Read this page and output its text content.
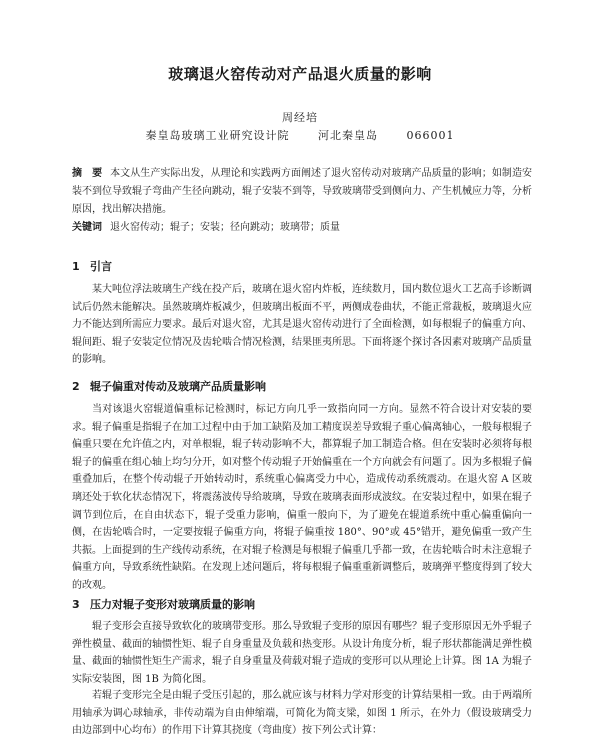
玻璃退火窑传动对产品退火质量的影响
周经培
秦皇岛玻璃工业研究设计院	河北秦皇岛	066001
摘　要 本文从生产实际出发，从理论和实践两方面阐述了退火窑传动对玻璃产品质量的影响；如制造安装不到位导致辊子弯曲产生径向跳动，辊子安装不到等，导致玻璃带受到侧向力、产生机械应力等，分析原因，找出解决措施。
关键词 退火窑传动；辊子；安装；径向跳动；玻璃带；质量
1 引言
某大吨位浮法玻璃生产线在投产后，玻璃在退火窑内炸板，连续数月，国内数位退火工艺高手诊断调试后仍然未能解决。虽然玻璃炸板减少，但玻璃出板面不平，两侧成卷曲状，不能正常裁板，玻璃退火应力不能达到所需应力要求。最后对退火窑，尤其是退火窑传动进行了全面检测，如每根辊子的偏重方向、辊间距、辊子安装定位情况及齿轮啮合情况检测，结果匪夷所思。下面将逐个探讨各因素对玻璃产品质量的影响。
2 辊子偏重对传动及玻璃产品质量影响
当对该退火窑辊道偏重标记检测时，标记方向几乎一致指向同一方向。显然不符合设计对安装的要求。辊子偏重是指辊子在加工过程中由于加工缺陷及加工精度误差导致辊子重心偏离轴心，一般每根辊子偏重只要在允许值之内，对单根辊，辊子转动影响不大，都算辊子加工制造合格。但在安装时必须将每根辊子的偏重在组心轴上均匀分开，如对整个传动辊子开始偏重在一个方向就会有问题了。因为多根辊子偏重叠加后，在整个传动辊子开始转动时，系统重心偏离受力中心，造成传动系统震动。在退火窑 A 区玻璃还处于软化状态情况下，将震荡波传导给玻璃，导致在玻璃表面形成波纹。在安装过程中，如果在辊子调节到位后，在自由状态下，辊子受重力影响，偏重一般向下，为了避免在辊道系统中重心偏重偏向一侧，在齿轮啮合时，一定要按辊子偏重方向，将辊子偏重按 180°、90°或 45°错开，避免偏重一致产生共振。上面提到的生产线传动系统，在对辊子检测是每根辊子偏重几乎都一致，在齿轮啮合时未注意辊子偏重方向，导致系统性缺陷。在发现上述问题后，将每根辊子偏重重新调整后，玻璃弹平整度得到了较大的改观。
3 压力对辊子变形对玻璃质量的影响
辊子变形会直接导致软化的玻璃带变形。那么导致辊子变形的原因有哪些？辊子变形原因无外乎辊子弹性模量、截面的轴惯性矩、辊子自身重量及负载和热变形。从设计角度分析，辊子形状都能满足弹性模量、截面的轴惯性矩生产需求，辊子自身重量及荷载对辊子造成的变形可以从理论上计算。图 1A 为辊子实际安装图，图 1B 为简化图。
若辊子变形完全是由辊子受压引起的，那么就应该与材料力学对形变的计算结果相一致。由于两端所用轴承为调心球轴承，非传动端为自由伸缩端，可简化为简支梁，如图 1 所示，在外力（假设玻璃受力由边部到中心均布）的作用下计算其挠度（弯曲度）按下列公式计算：
